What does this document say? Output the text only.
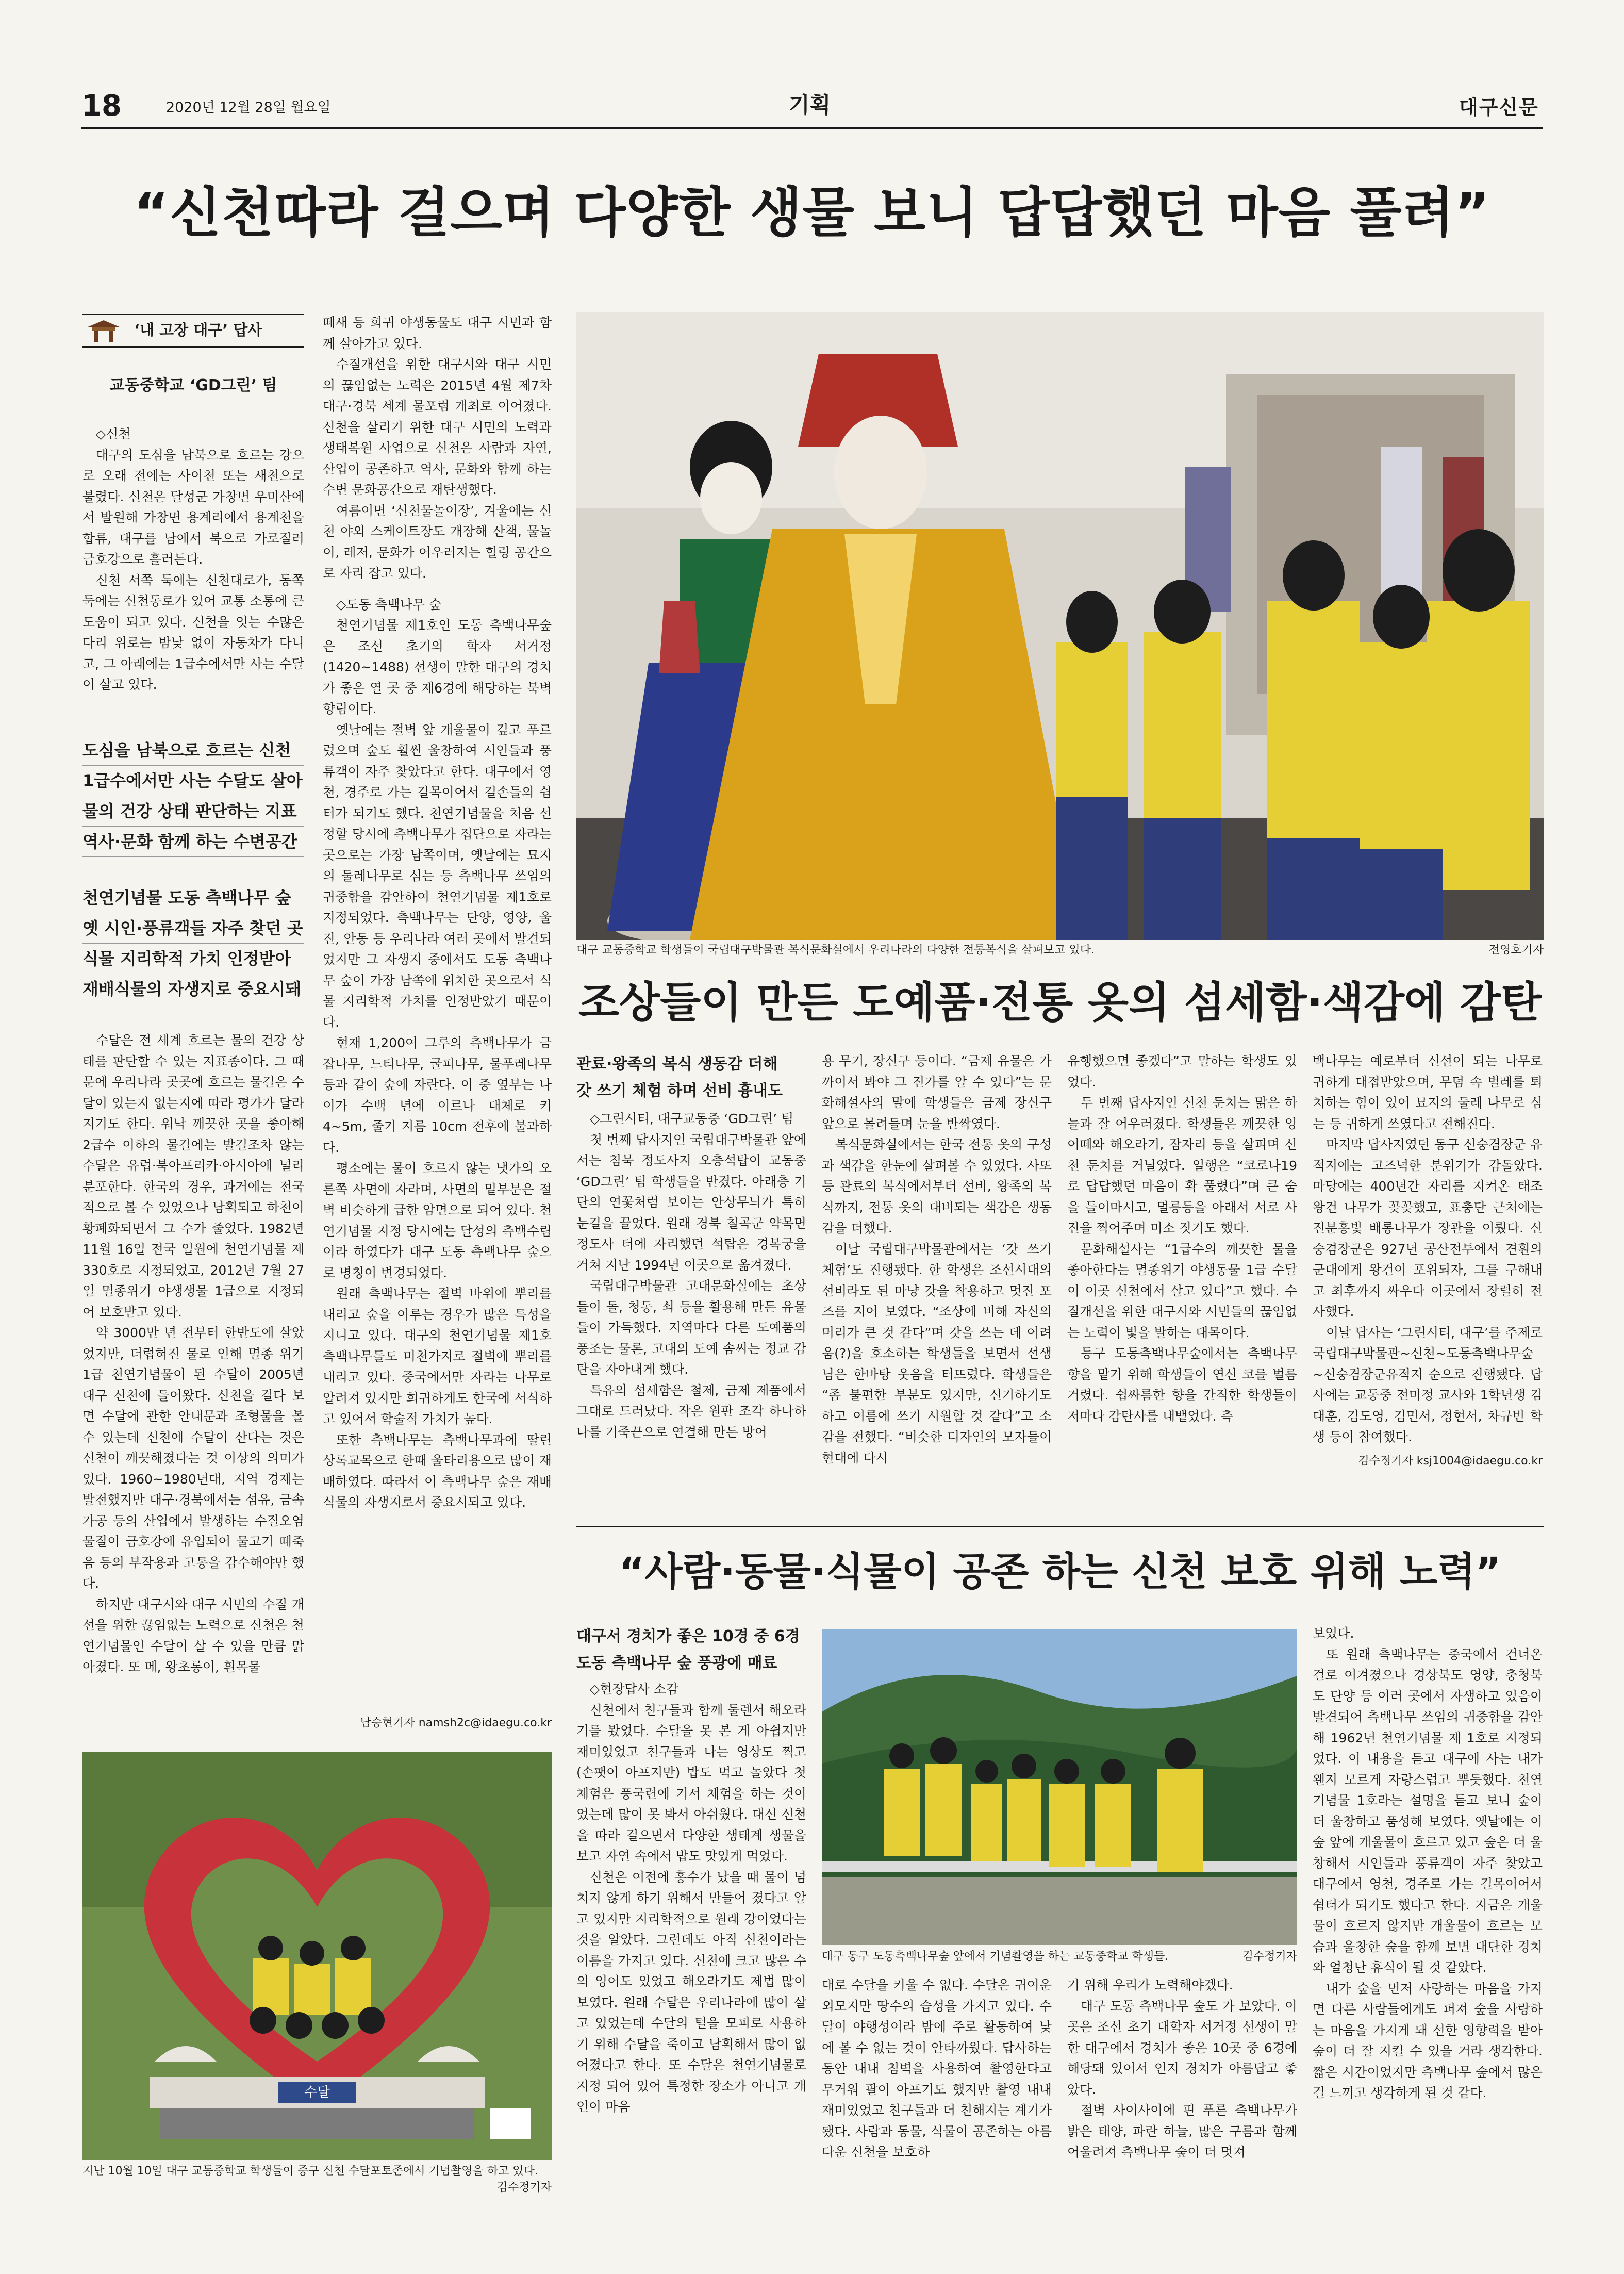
18	2020년 12월 28일 월요일	기획	대구신문
“신천따라 걸으며 다양한 생물 보니 답답했던 마음 풀려”
‘내 고장 대구’ 답사
교동중학교 ‘GD그린’ 팀

◇신천

대구의 도심을 남북으로 흐르는 강으로 오래 전에는 사이천 또는 새천으로 불렸다. 신천은 달성군 가창면 우미산에서 발원해 가창면 용계리에서 용계천을 합류, 대구를 남에서 북으로 가로질러 금호강으로 흘러든다.

신천 서쪽 둑에는 신천대로가, 동쪽 둑에는 신천동로가 있어 교통 소통에 큰 도움이 되고 있다. 신천을 잇는 수많은 다리 위로는 밤낮 없이 자동차가 다니고, 그 아래에는 1급수에서만 사는 수달이 살고 있다.

도심을 남북으로 흐르는 신천
1급수에서만 사는 수달도 살아
물의 건강 상태 판단하는 지표
역사·문화 함께 하는 수변공간
천연기념물 도동 측백나무 숲
옛 시인·풍류객들 자주 찾던 곳
식물 지리학적 가치 인정받아
재배식물의 자생지로 중요시돼

수달은 전 세계 흐르는 물의 건강 상태를 판단할 수 있는 지표종이다. 그 때문에 우리나라 곳곳에 흐르는 물길은 수달이 있는지 없는지에 따라 평가가 달라지기도 한다. 워낙 깨끗한 곳을 좋아해 2급수 이하의 물길에는 발길조차 않는 수달은 유럽·북아프리카·아시아에 널리 분포한다. 한국의 경우, 과거에는 전국적으로 볼 수 있었으나 남획되고 하천이 황폐화되면서 그 수가 줄었다. 1982년 11월 16일 전국 일원에 천연기념물 제330호로 지정되었고, 2012년 7월 27일 멸종위기 야생생물 1급으로 지정되어 보호받고 있다.

약 3000만 년 전부터 한반도에 살았었지만, 더럽혀진 물로 인해 멸종 위기 1급 천연기념물이 된 수달이 2005년 대구 신천에 들어왔다. 신천을 걸다 보면 수달에 관한 안내문과 조형물을 볼 수 있는데 신천에 수달이 산다는 것은 신천이 깨끗해졌다는 것 이상의 의미가 있다. 1960~1980년대, 지역 경제는 발전했지만 대구·경북에서는 섬유, 금속가공 등의 산업에서 발생하는 수질오염 물질이 금호강에 유입되어 물고기 떼죽음 등의 부작용과 고통을 감수해야만 했다.

하지만 대구시와 대구 시민의 수질 개선을 위한 끊임없는 노력으로 신천은 천연기념물인 수달이 살 수 있을 만큼 맑아졌다. 또 메, 왕초롱이, 흰목물

떼새 등 희귀 야생동물도 대구 시민과 함께 살아가고 있다.

수질개선을 위한 대구시와 대구 시민의 끊임없는 노력은 2015년 4월 제7차 대구·경북 세계 물포럼 개최로 이어졌다. 신천을 살리기 위한 대구 시민의 노력과 생태복원 사업으로 신천은 사람과 자연, 산업이 공존하고 역사, 문화와 함께 하는 수변 문화공간으로 재탄생했다.

여름이면 ‘신천물놀이장’, 겨울에는 신천 야외 스케이트장도 개장해 산책, 물놀이, 레저, 문화가 어우러지는 힐링 공간으로 자리 잡고 있다.

◇도동 측백나무 숲

천연기념물 제1호인 도동 측백나무숲은 조선 초기의 학자 서거정(1420~1488) 선생이 말한 대구의 경치가 좋은 열 곳 중 제6경에 해당하는 북벽향림이다.

옛날에는 절벽 앞 개울물이 깊고 푸르렀으며 숲도 훨씬 울창하여 시인들과 풍류객이 자주 찾았다고 한다. 대구에서 영천, 경주로 가는 길목이어서 길손들의 쉼터가 되기도 했다. 천연기념물을 처음 선정할 당시에 측백나무가 집단으로 자라는 곳으로는 가장 남쪽이며, 옛날에는 묘지의 둘레나무로 심는 등 측백나무 쓰임의 귀중함을 감안하여 천연기념물 제1호로 지정되었다. 측백나무는 단양, 영양, 울진, 안동 등 우리나라 여러 곳에서 발견되었지만 그 자생지 중에서도 도동 측백나무 숲이 가장 남쪽에 위치한 곳으로서 식물 지리학적 가치를 인정받았기 때문이다.

현재 1,200여 그루의 측백나무가 금 잡나무, 느티나무, 굴피나무, 물푸레나무 등과 같이 숲에 자란다. 이 중 옆부는 나이가 수백 년에 이르나 대체로 키 4~5m, 줄기 지름 10cm 전후에 불과하다.

평소에는 물이 흐르지 않는 냇가의 오른쪽 사면에 자라며, 사면의 밑부분은 절벽 비슷하게 급한 암면으로 되어 있다. 천연기념물 지정 당시에는 달성의 측백수림이라 하였다가 대구 도동 측백나무 숲으로 명칭이 변경되었다.

원래 측백나무는 절벽 바위에 뿌리를 내리고 숲을 이루는 경우가 많은 특성을 지니고 있다. 대구의 천연기념물 제1호 측백나무들도 미천가지로 절벽에 뿌리를 내리고 있다. 중국에서만 자라는 나무로 알려져 있지만 희귀하게도 한국에 서식하고 있어서 학술적 가치가 높다.

또한 측백나무는 측백나무과에 딸린 상록교목으로 한때 울타리용으로 많이 재배하였다. 따라서 이 측백나무 숲은 재배식물의 자생지로서 중요시되고 있다.

남승현기자 namsh2c@idaegu.co.kr
대구 교동중학교 학생들이 국립대구박물관 복식문화실에서 우리나라의 다양한 전통복식을 살펴보고 있다.	전영호기자
조상들이 만든 도예품·전통 옷의 섬세함·색감에 감탄
관료·왕족의 복식 생동감 더해
갓 쓰기 체험 하며 선비 흉내도

◇그린시티, 대구교동중 ‘GD그린’ 팀

첫 번째 답사지인 국립대구박물관 앞에서는 침묵 정도사지 오층석탑이 교동중 ‘GD그린’ 팀 학생들을 반겼다. 아래층 기단의 연꽃처럼 보이는 안상무늬가 특히 눈길을 끌었다. 원래 경북 칠곡군 약목면 정도사 터에 자리했던 석탑은 경복궁을 거쳐 지난 1994년 이곳으로 옮겨졌다.

국립대구박물관 고대문화실에는 초상들이 돌, 청동, 쇠 등을 활용해 만든 유물들이 가득했다. 지역마다 다른 도예품의 풍조는 물론, 고대의 도예 솜씨는 정교 감탄을 자아내게 했다.

특유의 섬세함은 철제, 금제 제품에서 그대로 드러났다. 작은 원판 조각 하나하나를 기죽끈으로 연결해 만든 방어

용 무기, 장신구 등이다. “금제 유물은 가까이서 봐야 그 진가를 알 수 있다”는 문화해설사의 말에 학생들은 금제 장신구 앞으로 몰려들며 눈을 반짝였다.

복식문화실에서는 한국 전통 옷의 구성과 색감을 한눈에 살펴볼 수 있었다. 사또 등 관료의 복식에서부터 선비, 왕족의 복식까지, 전통 옷의 대비되는 색감은 생동감을 더했다.

이날 국립대구박물관에서는 ‘갓 쓰기 체험’도 진행됐다. 한 학생은 조선시대의 선비라도 된 마냥 갓을 착용하고 멋진 포즈를 지어 보였다. “조상에 비해 자신의 머리가 큰 것 같다”며 갓을 쓰는 데 어려움(?)을 호소하는 학생들을 보면서 선생님은 한바탕 웃음을 터뜨렸다. 학생들은 “좀 불편한 부분도 있지만, 신기하기도 하고 여름에 쓰기 시원할 것 같다”고 소감을 전했다. “비슷한 디자인의 모자들이 현대에 다시

유행했으면 좋겠다”고 말하는 학생도 있었다.

두 번째 답사지인 신천 둔치는 맑은 하늘과 잘 어우러졌다. 학생들은 깨끗한 잉어떼와 해오라기, 잠자리 등을 살피며 신천 둔치를 거닐었다. 일행은 “코로나19로 답답했던 마음이 확 풀렸다”며 큰 숨을 들이마시고, 멀릉등을 아래서 서로 사진을 찍어주며 미소 짓기도 했다.

문화해설사는 “1급수의 깨끗한 물을 좋아한다는 멸종위기 야생동물 1급 수달이 이곳 신천에서 살고 있다”고 했다. 수질개선을 위한 대구시와 시민들의 끊임없는 노력이 빛을 발하는 대목이다.

등구 도동측백나무숲에서는 측백나무 향을 맡기 위해 학생들이 연신 코를 벌름거렸다. 쉽싸름한 향을 간직한 학생들이 저마다 감탄사를 내뱉었다. 측

백나무는 예로부터 신선이 되는 나무로 귀하게 대접받았으며, 무덤 속 벌레를 퇴치하는 힘이 있어 묘지의 둘레 나무로 심는 등 귀하게 쓰였다고 전해진다.

마지막 답사지였던 동구 신숭겸장군 유적지에는 고즈넉한 분위기가 감돌았다. 마당에는 400년간 자리를 지켜온 태조 왕건 나무가 꽂꽂했고, 표충단 근처에는 진분홍빛 배롱나무가 장관을 이뤘다. 신숭겸장군은 927년 공산전투에서 견훤의 군대에게 왕건이 포위되자, 그를 구해내고 최후까지 싸우다 이곳에서 장렬히 전사했다.

이날 답사는 ‘그린시티, 대구’를 주제로 국립대구박물관~신천~도동측백나무숲~신숭겸장군유적지 순으로 진행됐다. 답사에는 교동중 전미정 교사와 1학년생 김대훈, 김도영, 김민서, 정현서, 차규빈 학생 등이 참여했다.

김수정기자 ksj1004@idaegu.co.kr

“사람·동물·식물이 공존 하는 신천 보호 위해 노력”
대구서 경치가 좋은 10경 중 6경
도동 측백나무 숲 풍광에 매료

◇현장답사 소감

신천에서 친구들과 함께 둘렌서 해오라기를 봤었다. 수달을 못 본 게 아쉽지만 재미있었고 친구들과 나는 영상도 찍고 (손팻이 아프지만) 밥도 먹고 놀았다 첫 체험은 풍국련에 기서 체험을 하는 것이었는데 많이 못 봐서 아쉬웠다. 대신 신천을 따라 걸으면서 다양한 생태계 생물을 보고 자연 속에서 밥도 맛있게 먹었다.

신천은 여전에 홍수가 났을 때 물이 넘치지 않게 하기 위해서 만들어 졌다고 알고 있지만 지리학적으로 원래 강이었다는 것을 알았다. 그런데도 아직 신천이라는 이름을 가지고 있다. 신천에 크고 많은 수의 잉어도 있었고 해오라기도 제법 많이 보였다. 원래 수달은 우리나라에 많이 살고 있었는데 수달의 털을 모피로 사용하기 위해 수달을 죽이고 남획해서 많이 없어졌다고 한다. 또 수달은 천연기념물로 지정 되어 있어 특정한 장소가 아니고 개인이 마음

대구 동구 도동측백나무숲 앞에서 기념촬영을 하는 교동중학교 학생들.	김수정기자

대로 수달을 키울 수 없다. 수달은 귀여운 외모지만 땅수의 습성을 가지고 있다. 수달이 야행성이라 밤에 주로 활동하여 낮에 볼 수 없는 것이 안타까웠다. 답사하는 동안 내내 침벽을 사용하여 촬영한다고 무거워 팔이 아프기도 했지만 촬영 내내 재미있었고 친구들과 더 친해지는 계기가 됐다. 사람과 동물, 식물이 공존하는 아름다운 신천을 보호하

기 위해 우리가 노력해야겠다.

대구 도동 측백나무 숲도 가 보았다. 이곳은 조선 초기 대학자 서거정 선생이 말한 대구에서 경치가 좋은 10곳 중 6경에 해당돼 있어서 인지 경치가 아름답고 좋았다.

절벽 사이사이에 핀 푸른 측백나무가 밝은 태양, 파란 하늘, 많은 구름과 함께 어울려져 측백나무 숲이 더 멋져

보였다.

또 원래 측백나무는 중국에서 건너온 걸로 여겨졌으나 경상북도 영양, 충청북도 단양 등 여러 곳에서 자생하고 있음이 발견되어 측백나무 쓰임의 귀중함을 감안해 1962년 천연기념물 제 1호로 지정되었다. 이 내용을 듣고 대구에 사는 내가 왠지 모르게 자랑스럽고 뿌듯했다. 천연기념물 1호라는 설명을 듣고 보니 숲이 더 울창하고 품성해 보였다. 옛날에는 이 숲 앞에 개울물이 흐르고 있고 숲은 더 울창해서 시인들과 풍류객이 자주 찾았고 대구에서 영천, 경주로 가는 길목이어서 쉼터가 되기도 했다고 한다. 지금은 개울물이 흐르지 않지만 개울물이 흐르는 모습과 울창한 숲을 함께 보면 대단한 경치와 얼청난 휴식이 될 것 같았다.

내가 숲을 먼저 사랑하는 마음을 가지면 다른 사람들에게도 퍼져 숲을 사랑하는 마음을 가지게 돼 선한 영향력을 받아 숲이 더 잘 지킬 수 있을 거라 생각한다. 짧은 시간이었지만 측백나무 숲에서 많은 걸 느끼고 생각하게 된 것 같다.

수달
지난 10월 10일 대구 교동중학교 학생들이 중구 신천 수달포토존에서 기념촬영을 하고 있다.
김수정기자
